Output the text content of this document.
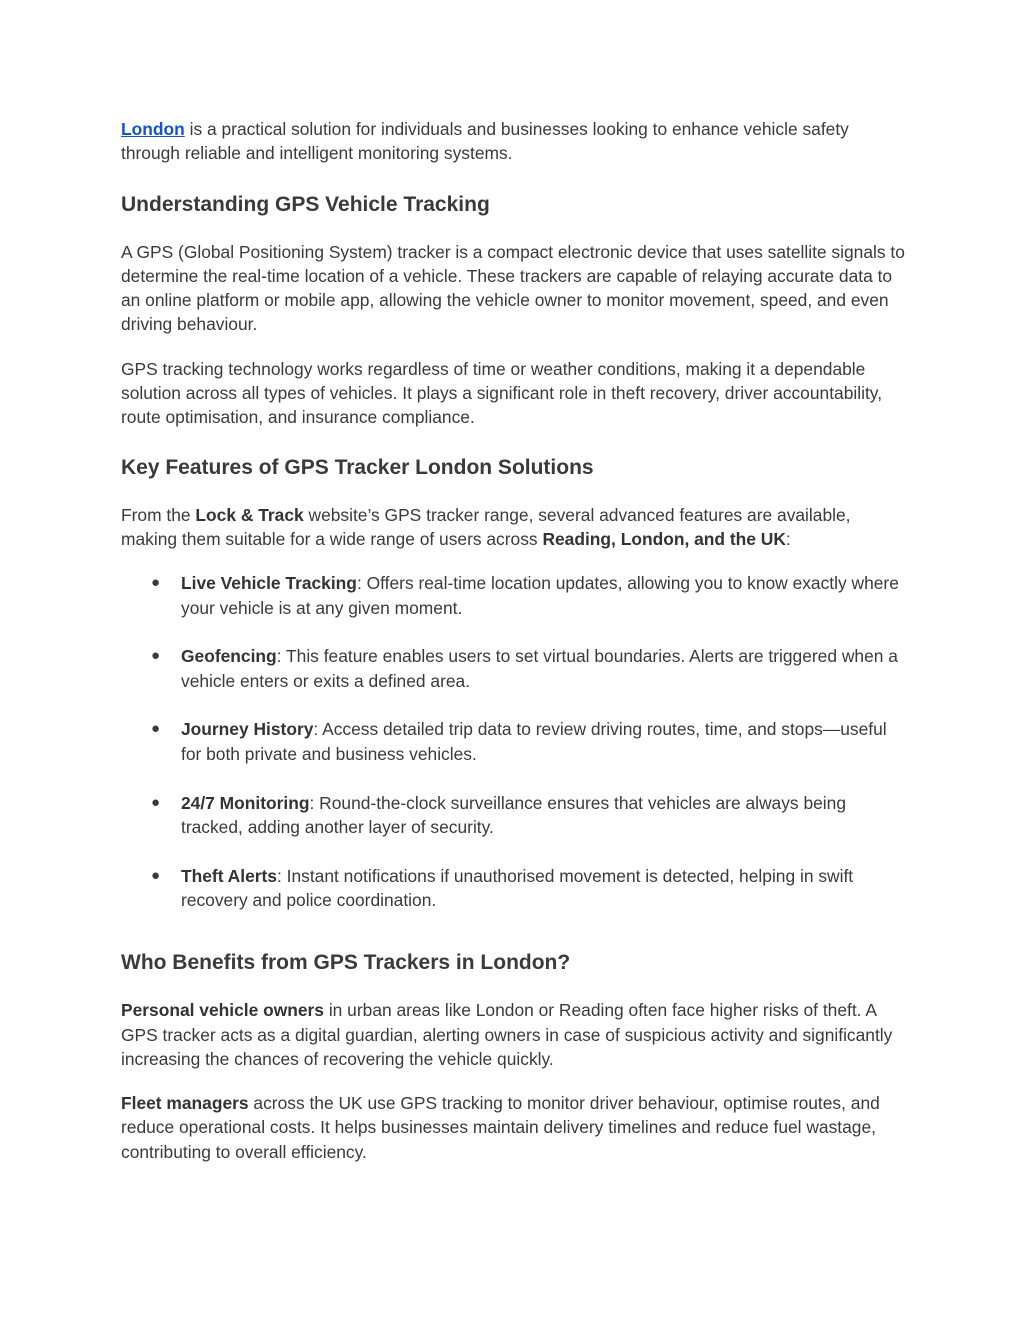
London is a practical solution for individuals and businesses looking to enhance vehicle safety through reliable and intelligent monitoring systems.

Understanding GPS Vehicle Tracking

A GPS (Global Positioning System) tracker is a compact electronic device that uses satellite signals to determine the real-time location of a vehicle. These trackers are capable of relaying accurate data to an online platform or mobile app, allowing the vehicle owner to monitor movement, speed, and even driving behaviour.

GPS tracking technology works regardless of time or weather conditions, making it a dependable solution across all types of vehicles. It plays a significant role in theft recovery, driver accountability, route optimisation, and insurance compliance.

Key Features of GPS Tracker London Solutions

From the Lock & Track website’s GPS tracker range, several advanced features are available, making them suitable for a wide range of users across Reading, London, and the UK:

● Live Vehicle Tracking: Offers real-time location updates, allowing you to know exactly where your vehicle is at any given moment.
● Geofencing: This feature enables users to set virtual boundaries. Alerts are triggered when a vehicle enters or exits a defined area.
● Journey History: Access detailed trip data to review driving routes, time, and stops—useful for both private and business vehicles.
● 24/7 Monitoring: Round-the-clock surveillance ensures that vehicles are always being tracked, adding another layer of security.
● Theft Alerts: Instant notifications if unauthorised movement is detected, helping in swift recovery and police coordination.
Who Benefits from GPS Trackers in London?

Personal vehicle owners in urban areas like London or Reading often face higher risks of theft. A GPS tracker acts as a digital guardian, alerting owners in case of suspicious activity and significantly increasing the chances of recovering the vehicle quickly.

Fleet managers across the UK use GPS tracking to monitor driver behaviour, optimise routes, and reduce operational costs. It helps businesses maintain delivery timelines and reduce fuel wastage, contributing to overall efficiency.
